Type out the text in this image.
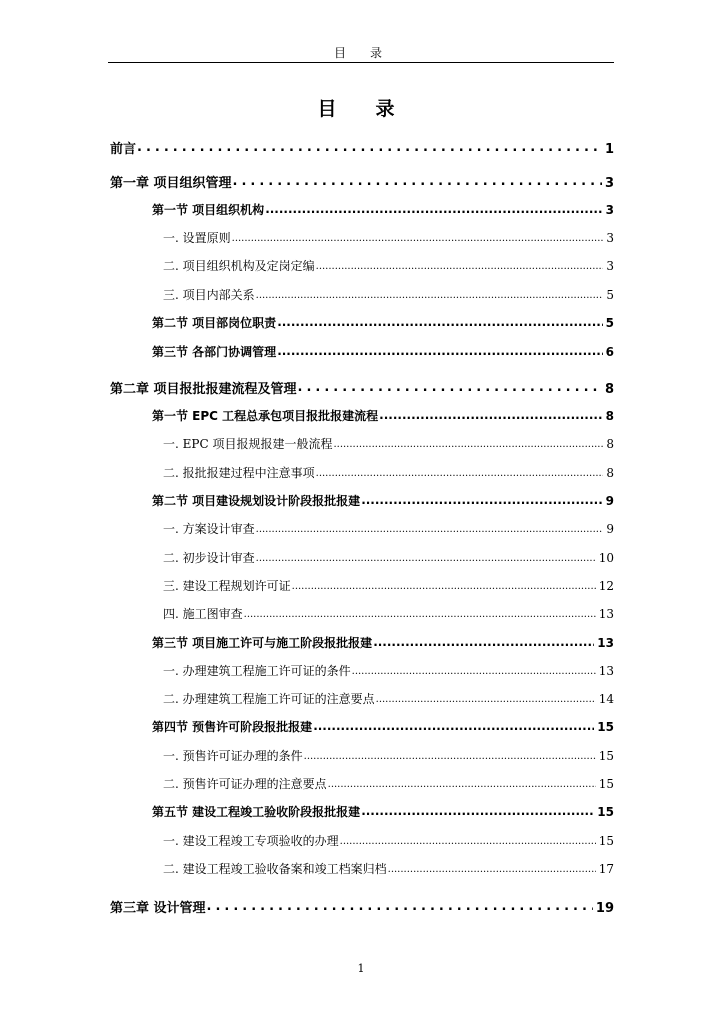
目　录
目　录
前言 .....	1
第一章 项目组织管理 .....	3
第一节 项目组织机构 .....	3
一. 设置原则 .....	3
二. 项目组织机构及定岗定编 .....	3
三. 项目内部关系 .....	5
第二节 项目部岗位职责 .....	5
第三节 各部门协调管理 .....	6
第二章 项目报批报建流程及管理 .....	8
第一节 EPC 工程总承包项目报批报建流程 .....	8
一. EPC 项目报规报建一般流程 .....	8
二. 报批报建过程中注意事项 .....	8
第二节 项目建设规划设计阶段报批报建 .....	9
一. 方案设计审查 .....	9
二. 初步设计审查 .....	10
三. 建设工程规划许可证 .....	12
四. 施工图审查 .....	13
第三节 项目施工许可与施工阶段报批报建 .....	13
一. 办理建筑工程施工许可证的条件 .....	13
二. 办理建筑工程施工许可证的注意要点 .....	14
第四节 预售许可阶段报批报建 .....	15
一. 预售许可证办理的条件 .....	15
二. 预售许可证办理的注意要点 .....	15
第五节 建设工程竣工验收阶段报批报建 .....	15
一. 建设工程竣工专项验收的办理 .....	15
二. 建设工程竣工验收备案和竣工档案归档 .....	17
第三章 设计管理 .....	19
1
